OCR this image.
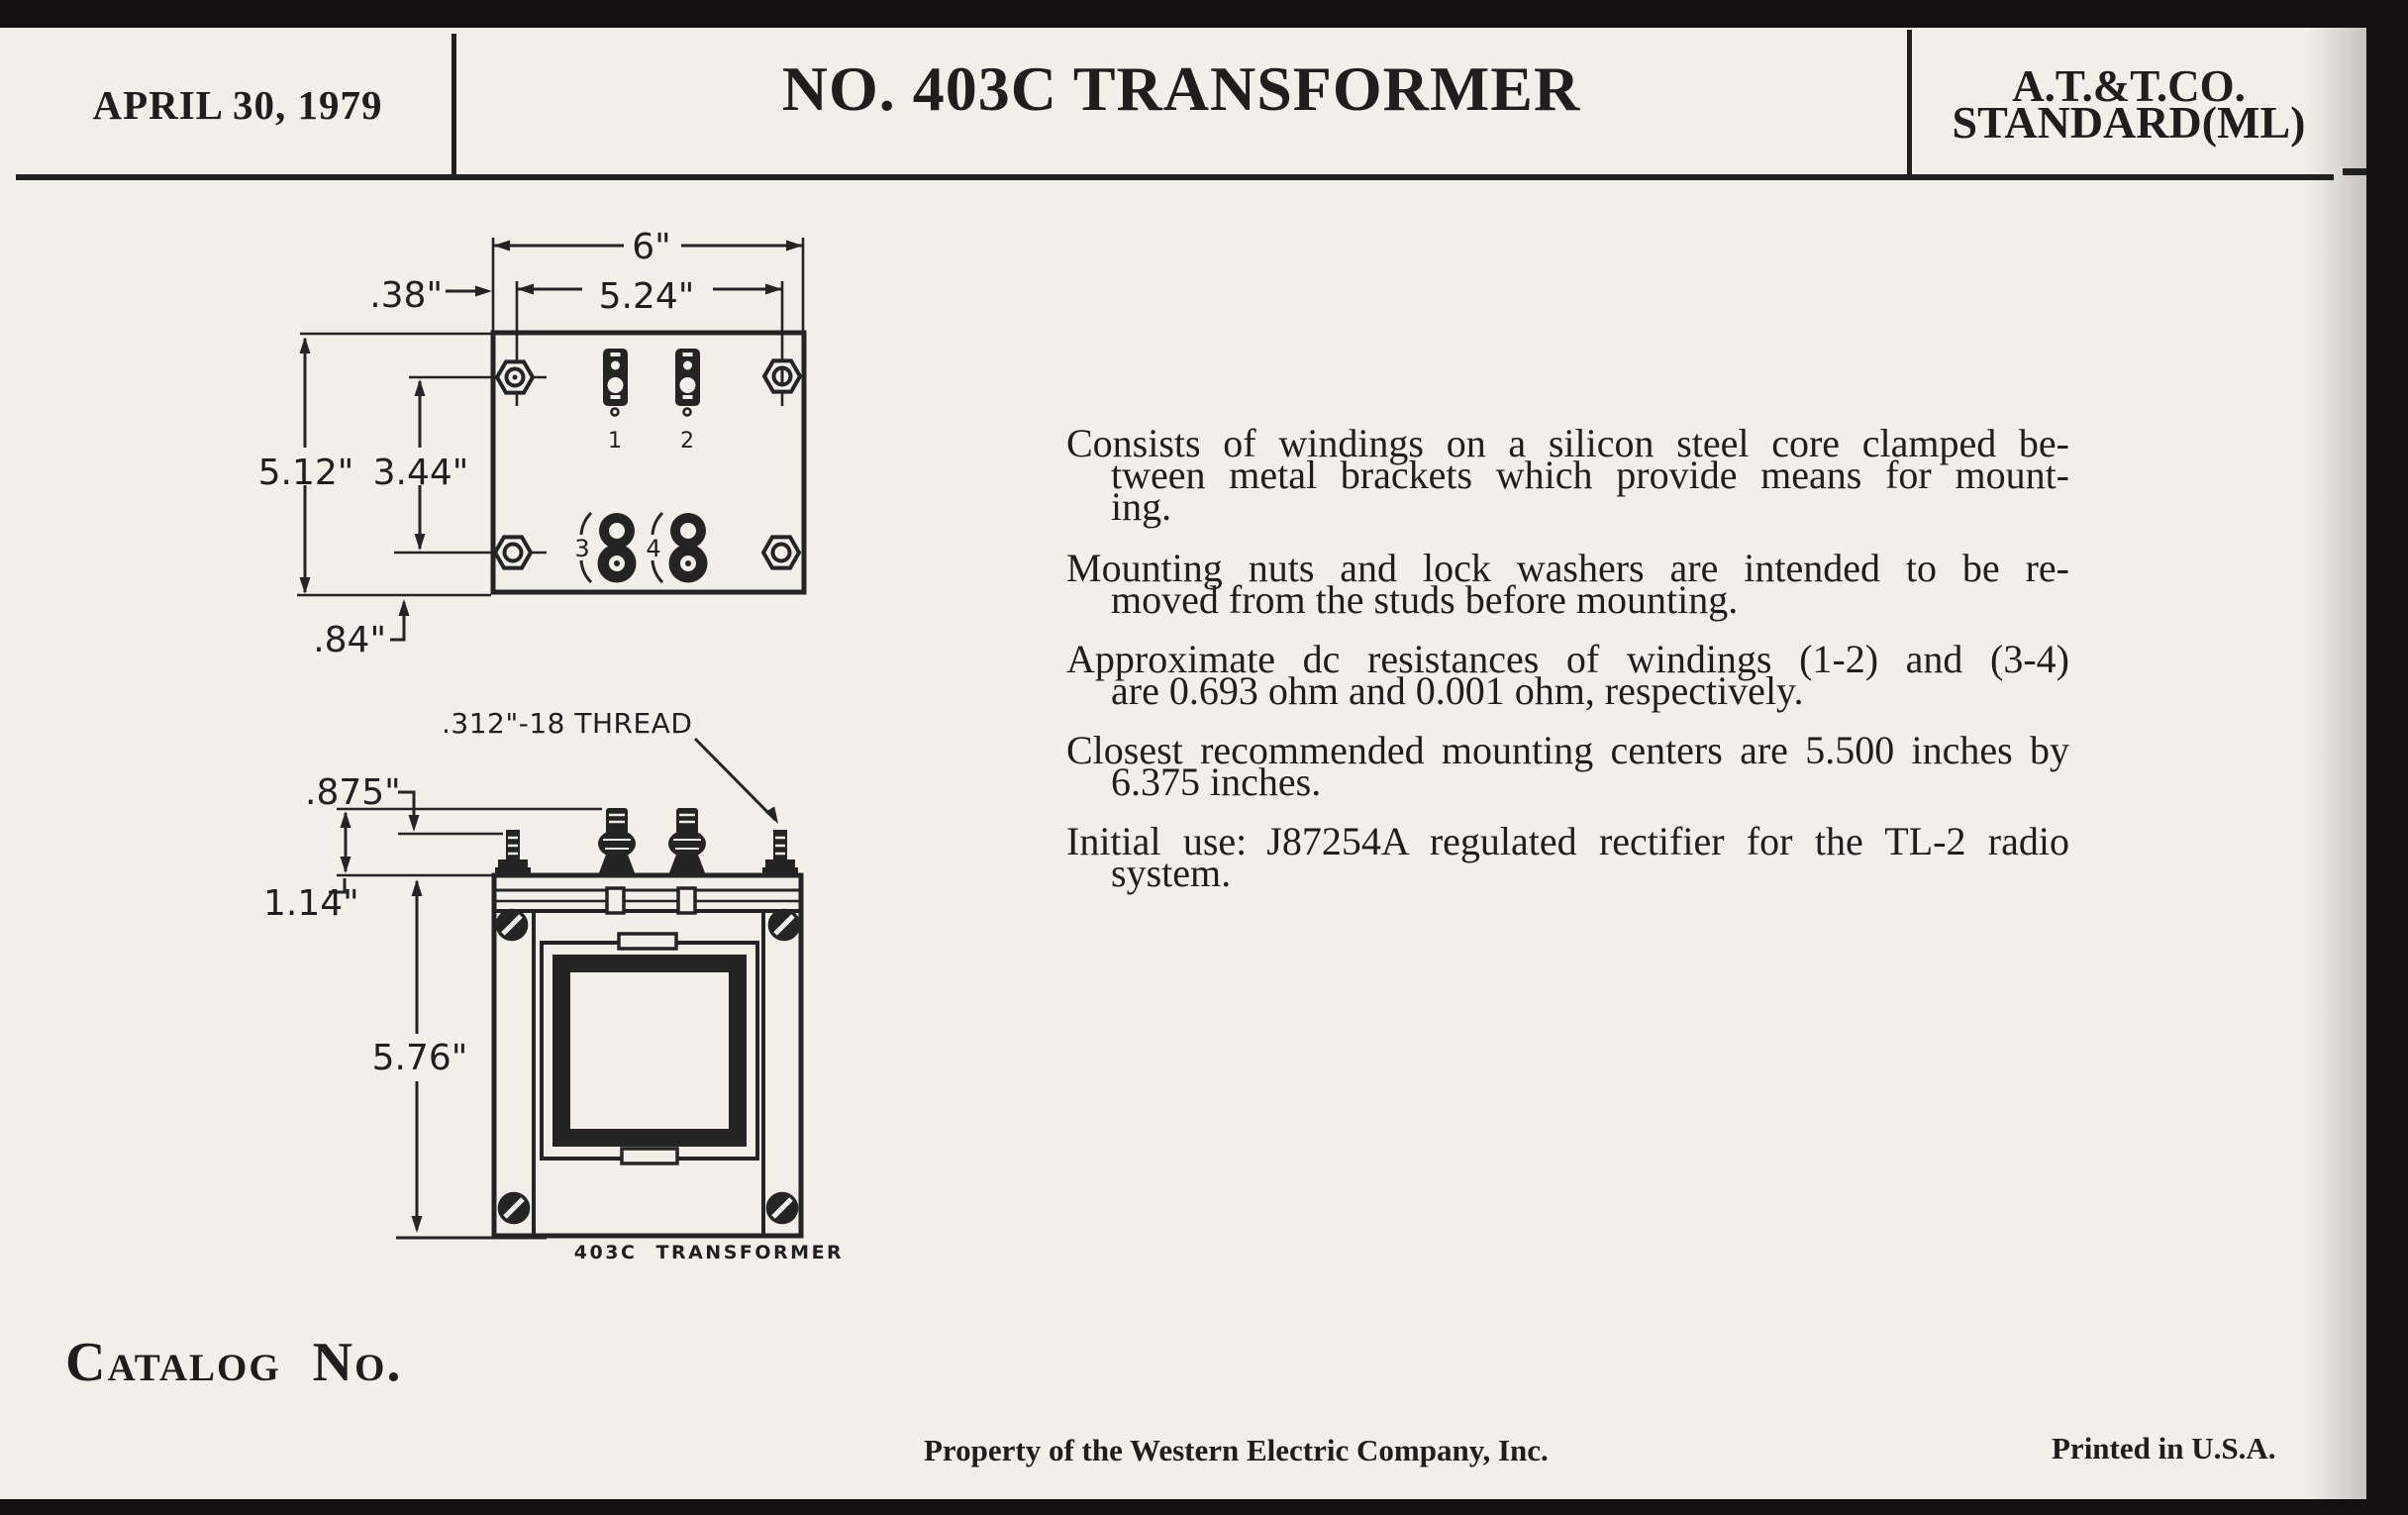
APRIL 30, 1979	NO. 403C TRANSFORMER	A.T.&T.CO.
STANDARD(ML)
Consists of windings on a silicon steel core clamped be-
tween metal brackets which provide means for mount-
ing.
Mounting nuts and lock washers are intended to be re-
moved from the studs before mounting.
Approximate dc resistances of windings (1-2) and (3-4)
are 0.693 ohm and 0.001 ohm, respectively.
Closest recommended mounting centers are 5.500 inches by
6.375 inches.
Initial use: J87254A regulated rectifier for the TL-2 radio
system.
6"
5.24"
.38"
5.12" 3.44"
.84"
1	2
3 4
.875"
1.14"
.312"-18 THREAD
5.76"
403C TRANSFORMER
Catalog No.
Property of the Western Electric Company, Inc.	Printed in U.S.A.
